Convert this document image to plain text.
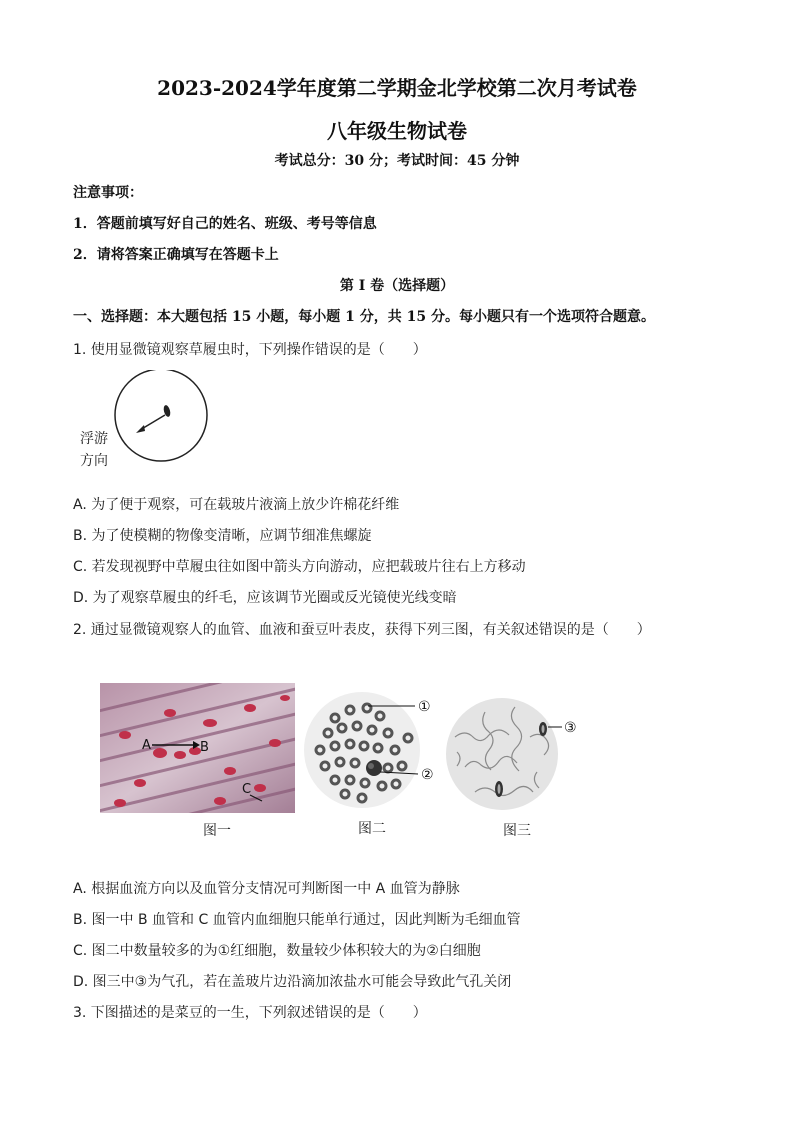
2023-2024学年度第二学期金北学校第二次月考试卷
八年级生物试卷
考试总分：30 分；考试时间：45 分钟
注意事项：
1．答题前填写好自己的姓名、班级、考号等信息
2．请将答案正确填写在答题卡上
第 I 卷（选择题）
一、选择题：本大题包括 15 小题，每小题 1 分，共 15 分。每小题只有一个选项符合题意。
1. 使用显微镜观察草履虫时，下列操作错误的是（　　）
浮游
方向
A. 为了便于观察，可在载玻片液滴上放少许棉花纤维
B. 为了使模糊的物像变清晰，应调节细准焦螺旋
C. 若发现视野中草履虫往如图中箭头方向游动，应把载玻片往右上方移动
D. 为了观察草履虫的纤毛，应该调节光圈或反光镜使光线变暗
2. 通过显微镜观察人的血管、血液和蚕豆叶表皮，获得下列三图，有关叙述错误的是（　　）
A	B
C
图一
①
②
图二
③
图三
A. 根据血流方向以及血管分支情况可判断图一中 A 血管为静脉
B. 图一中 B 血管和 C 血管内血细胞只能单行通过，因此判断为毛细血管
C. 图二中数量较多的为①红细胞，数量较少体积较大的为②白细胞
D. 图三中③为气孔，若在盖玻片边沿滴加浓盐水可能会导致此气孔关闭
3. 下图描述的是菜豆的一生，下列叙述错误的是（　　）
